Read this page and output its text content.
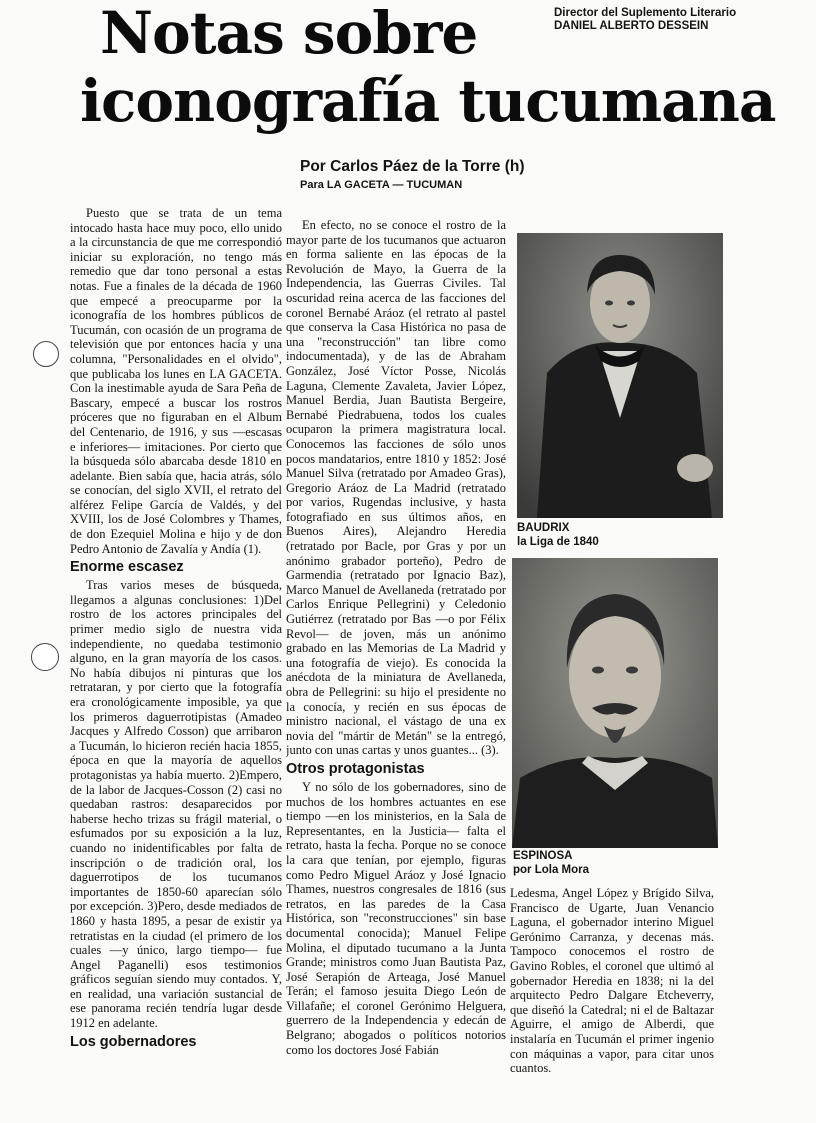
Director del Suplemento Literario
DANIEL ALBERTO DESSEIN
Notas sobre
iconografía tucumana
Por Carlos Páez de la Torre (h)
Para LA GACETA — TUCUMAN

Puesto que se trata de un tema intocado hasta hace muy poco, ello unido a la circunstancia de que me correspondió iniciar su exploración, no tengo más remedio que dar tono personal a estas notas. Fue a finales de la década de 1960 que empecé a preocuparme por la iconografía de los hombres públicos de Tucumán, con ocasión de un programa de televisión que por entonces hacía y una columna, "Personalidades en el olvido", que publicaba los lunes en LA GACETA. Con la inestimable ayuda de Sara Peña de Bascary, empecé a buscar los rostros próceres que no figuraban en el Album del Centenario, de 1916, y sus —escasas e inferiores— imitaciones. Por cierto que la búsqueda sólo abarcaba desde 1810 en adelante. Bien sabía que, hacia atrás, sólo se conocían, del siglo XVII, el retrato del alférez Felipe García de Valdés, y del XVIII, los de José Colombres y Thames, de don Ezequiel Molina e hijo y de don Pedro Antonio de Zavalía y Andía (1).

Enorme escasez

Tras varios meses de búsqueda, llegamos a algunas conclusiones: 1)Del rostro de los actores principales del primer medio siglo de nuestra vida independiente, no quedaba testimonio alguno, en la gran mayoría de los casos. No había dibujos ni pinturas que los retrataran, y por cierto que la fotografía era cronológicamente imposible, ya que los primeros daguerrotipistas (Amadeo Jacques y Alfredo Cosson) que arribaron a Tucumán, lo hicieron recién hacia 1855, época en que la mayoría de aquellos protagonistas ya había muerto. 2)Empero, de la labor de Jacques-Cosson (2) casi no quedaban rastros: desaparecidos por haberse hecho trizas su frágil material, o esfumados por su exposición a la luz, cuando no inidentificables por falta de inscripción o de tradición oral, los daguerrotipos de los tucumanos importantes de 1850-60 aparecían sólo por excepción. 3)Pero, desde mediados de 1860 y hasta 1895, a pesar de existir ya retratistas en la ciudad (el primero de los cuales —y único, largo tiempo— fue Angel Paganelli) esos testimonios gráficos seguían siendo muy contados. Y, en realidad, una variación sustancial de ese panorama recién tendría lugar desde 1912 en adelante.

Los gobernadores

En efecto, no se conoce el rostro de la mayor parte de los tucumanos que actuaron en forma saliente en las épocas de la Revolución de Mayo, la Guerra de la Independencia, las Guerras Civiles. Tal oscuridad reina acerca de las facciones del coronel Bernabé Aráoz (el retrato al pastel que conserva la Casa Histórica no pasa de una "reconstrucción" tan libre como indocumentada), y de las de Abraham González, José Víctor Posse, Nicolás Laguna, Clemente Zavaleta, Javier López, Manuel Berdia, Juan Bautista Bergeire, Bernabé Piedrabuena, todos los cuales ocuparon la primera magistratura local. Conocemos las facciones de sólo unos pocos mandatarios, entre 1810 y 1852: José Manuel Silva (retratado por Amadeo Gras), Gregorio Aráoz de La Madrid (retratado por varios, Rugendas inclusive, y hasta fotografiado en sus últimos años, en Buenos Aires), Alejandro Heredia (retratado por Bacle, por Gras y por un anónimo grabador porteño), Pedro de Garmendia (retratado por Ignacio Baz), Marco Manuel de Avellaneda (retratado por Carlos Enrique Pellegrini) y Celedonio Gutiérrez (retratado por Bas —o por Félix Revol— de joven, más un anónimo grabado en las Memorias de La Madrid y una fotografía de viejo). Es conocida la anécdota de la miniatura de Avellaneda, obra de Pellegrini: su hijo el presidente no la conocía, y recién en sus épocas de ministro nacional, el vástago de una ex novia del "mártir de Metán" se la entregó, junto con unas cartas y unos guantes... (3).

Otros protagonistas

Y no sólo de los gobernadores, sino de muchos de los hombres actuantes en ese tiempo —en los ministerios, en la Sala de Representantes, en la Justicia— falta el retrato, hasta la fecha. Porque no se conoce la cara que tenían, por ejemplo, figuras como Pedro Miguel Aráoz y José Ignacio Thames, nuestros congresales de 1816 (sus retratos, en las paredes de la Casa Histórica, son "reconstrucciones" sin base documental conocida); Manuel Felipe Molina, el diputado tucumano a la Junta Grande; ministros como Juan Bautista Paz, José Serapión de Arteaga, José Manuel Terán; el famoso jesuita Diego León de Villafañe; el coronel Gerónimo Helguera, guerrero de la Independencia y edecán de Belgrano; abogados o políticos notorios como los doctores José Fabián

Ledesma, Angel López y Brígido Silva, Francisco de Ugarte, Juan Venancio Laguna, el gobernador interino Miguel Gerónimo Carranza, y decenas más. Tampoco conocemos el rostro de Gavino Robles, el coronel que ultimó al gobernador Heredia en 1838; ni la del arquitecto Pedro Dalgare Etcheverry, que diseñó la Catedral; ni el de Baltazar Aguirre, el amigo de Alberdi, que instalaría en Tucumán el primer ingenio con máquinas a vapor, para citar unos cuantos.

BAUDRIX
la Liga de 1840
ESPINOSA
por Lola Mora
